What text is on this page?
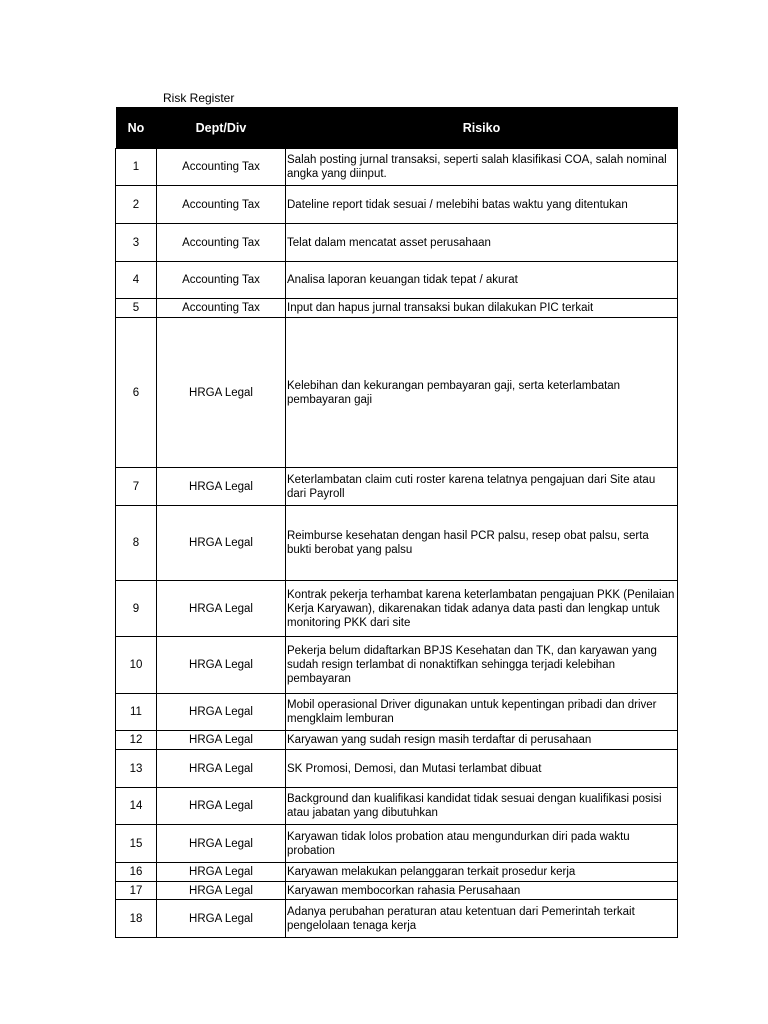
Risk Register
No	Dept/Div	Risiko
1	Accounting Tax	Salah posting jurnal transaksi, seperti salah klasifikasi COA, salah nominal angka yang diinput.
2	Accounting Tax	Dateline report tidak sesuai / melebihi batas waktu yang ditentukan
3	Accounting Tax	Telat dalam mencatat asset perusahaan
4	Accounting Tax	Analisa laporan keuangan tidak tepat / akurat
5	Accounting Tax	Input dan hapus jurnal transaksi bukan dilakukan PIC terkait
6	HRGA Legal	Kelebihan dan kekurangan pembayaran gaji, serta keterlambatan pembayaran gaji
7	HRGA Legal	Keterlambatan claim cuti roster karena telatnya pengajuan dari Site atau dari Payroll
8	HRGA Legal	Reimburse kesehatan dengan hasil PCR palsu, resep obat palsu, serta bukti berobat yang palsu
9	HRGA Legal	Kontrak pekerja terhambat karena keterlambatan pengajuan PKK (Penilaian Kerja Karyawan), dikarenakan tidak adanya data pasti dan lengkap untuk monitoring PKK dari site
10	HRGA Legal	Pekerja belum didaftarkan BPJS Kesehatan dan TK, dan karyawan yang sudah resign terlambat di nonaktifkan sehingga terjadi kelebihan pembayaran
11	HRGA Legal	Mobil operasional Driver digunakan untuk kepentingan pribadi dan driver mengklaim lemburan
12	HRGA Legal	Karyawan yang sudah resign masih terdaftar di perusahaan
13	HRGA Legal	SK Promosi, Demosi, dan Mutasi terlambat dibuat
14	HRGA Legal	Background dan kualifikasi kandidat tidak sesuai dengan kualifikasi posisi atau jabatan yang dibutuhkan
15	HRGA Legal	Karyawan tidak lolos probation atau mengundurkan diri pada waktu probation
16	HRGA Legal	Karyawan melakukan pelanggaran terkait prosedur kerja
17	HRGA Legal	Karyawan membocorkan rahasia Perusahaan
18	HRGA Legal	Adanya perubahan peraturan atau ketentuan dari Pemerintah terkait pengelolaan tenaga kerja
